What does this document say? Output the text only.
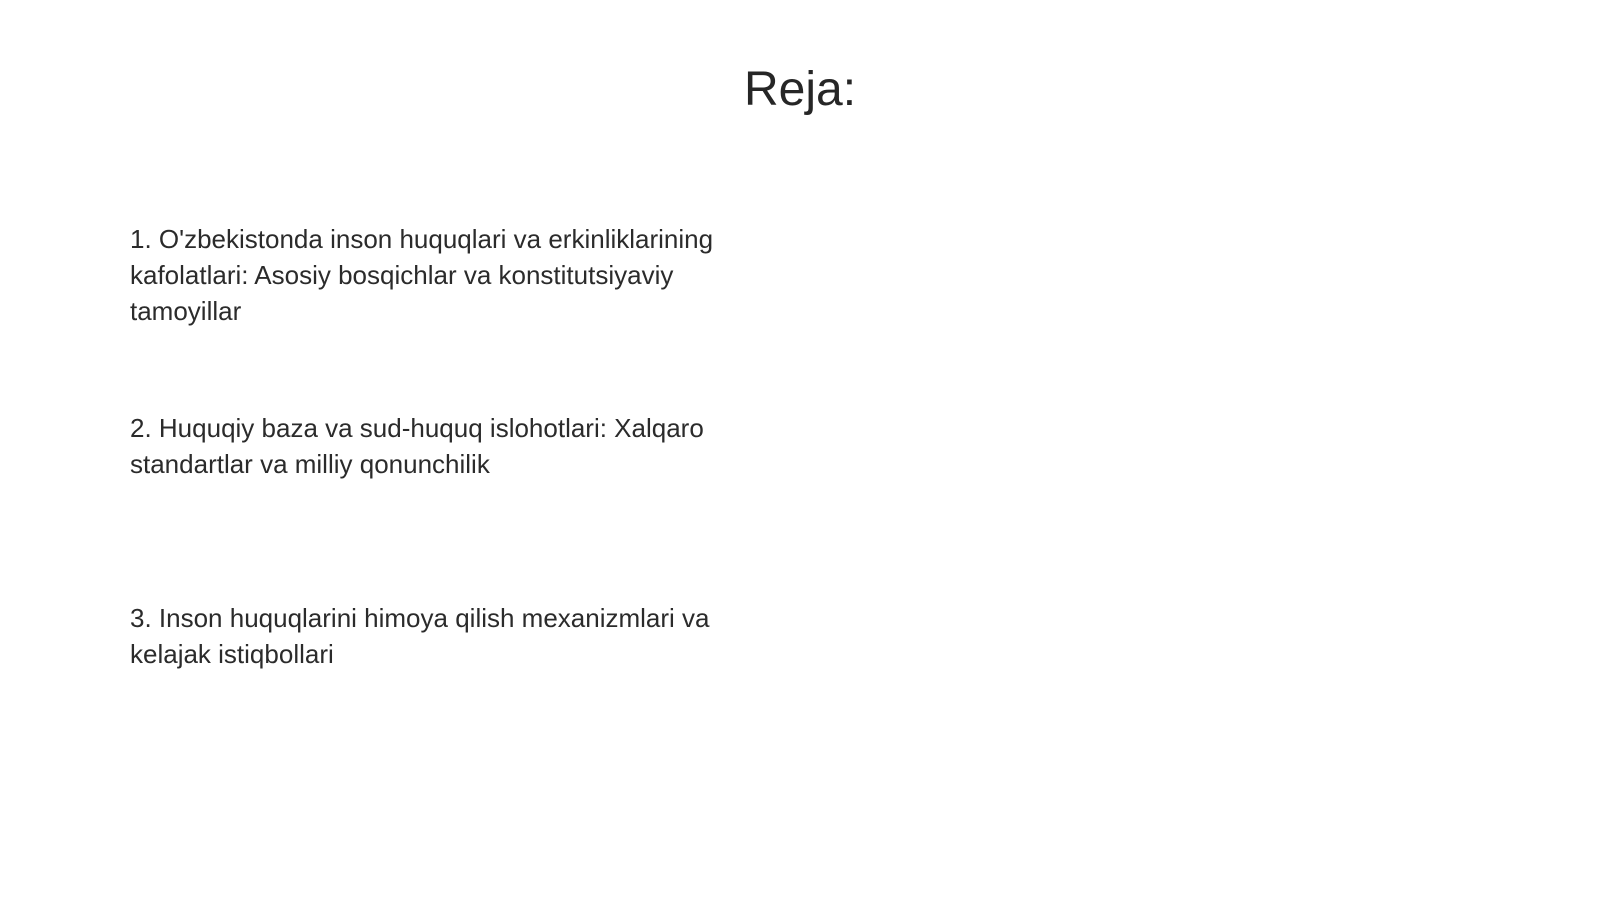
Reja:

1. O'zbekistonda inson huquqlari va erkinliklarining kafolatlari: Asosiy bosqichlar va konstitutsiyaviy tamoyillar

2. Huquqiy baza va sud-huquq islohotlari: Xalqaro standartlar va milliy qonunchilik

3. Inson huquqlarini himoya qilish mexanizmlari va kelajak istiqbollari
